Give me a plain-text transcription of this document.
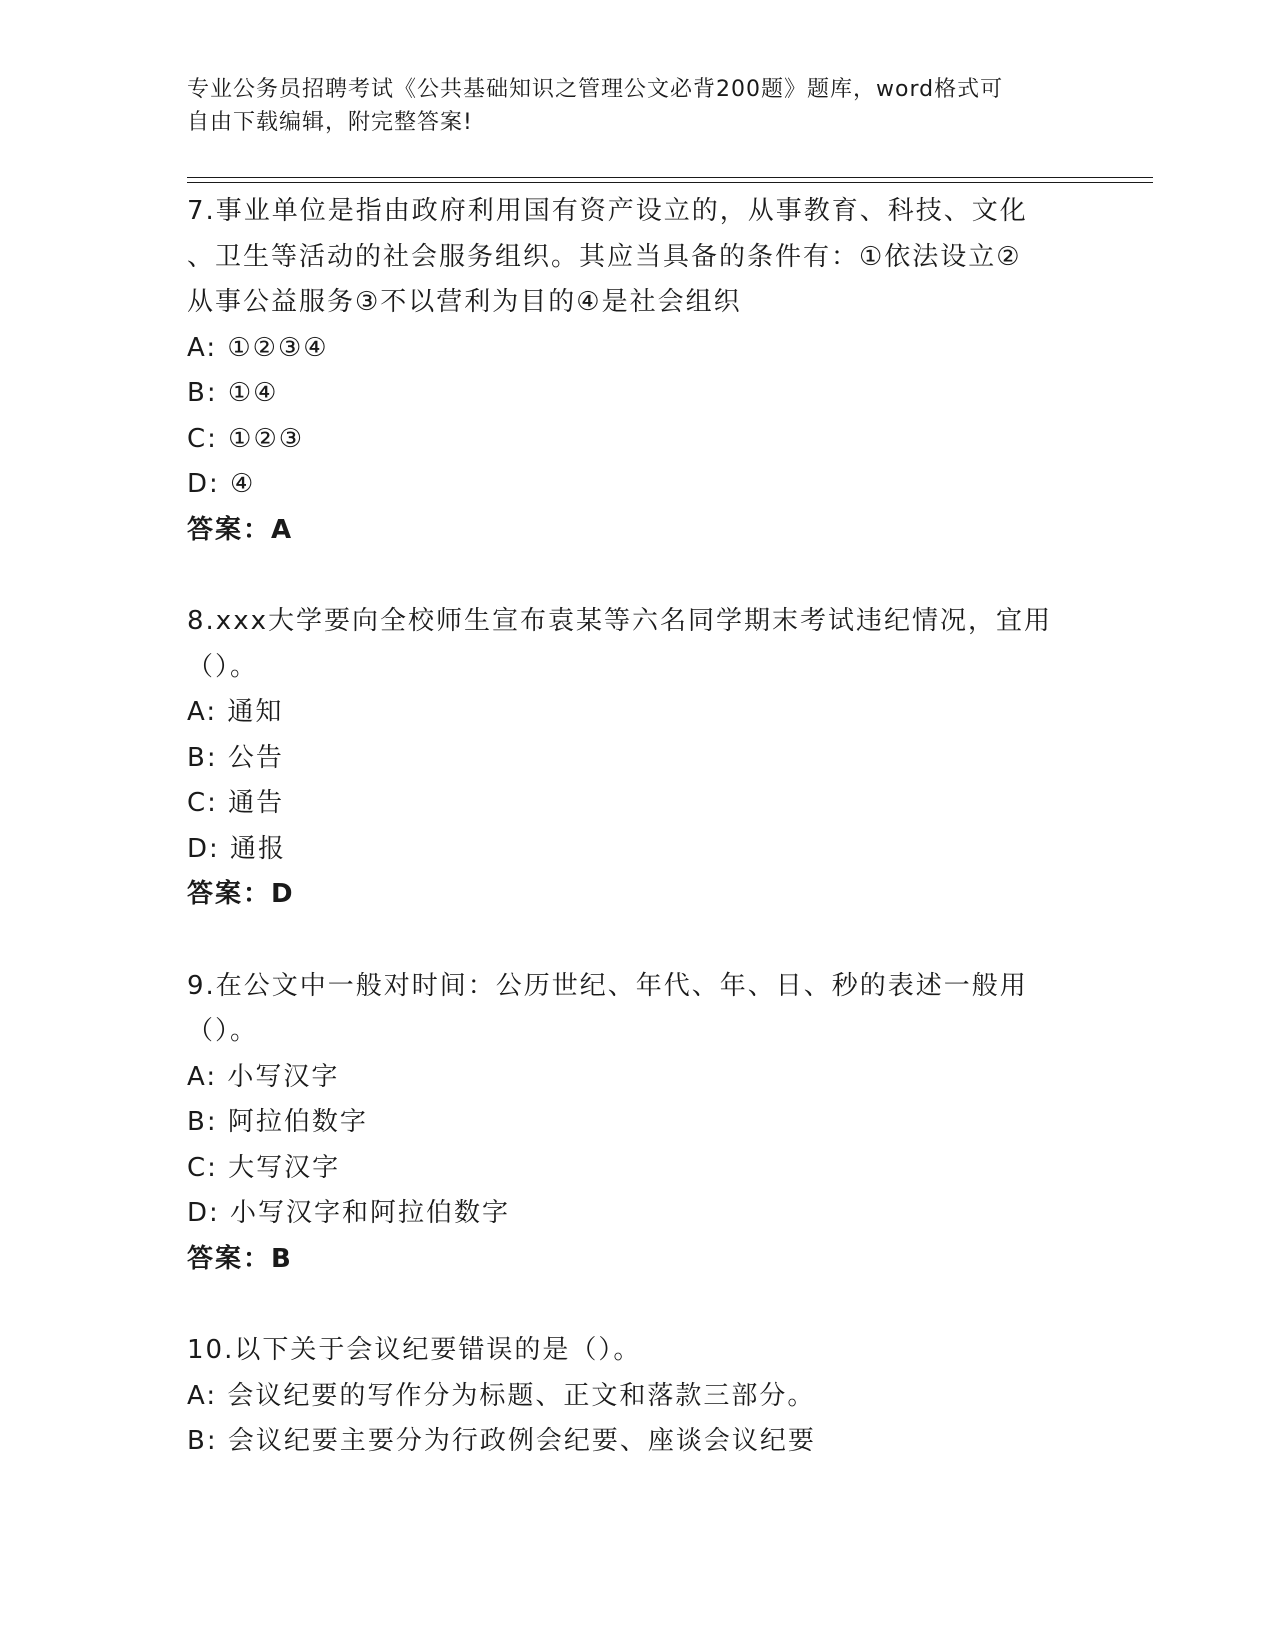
专业公务员招聘考试《公共基础知识之管理公文必背200题》题库，word格式可
自由下载编辑，附完整答案!
7.事业单位是指由政府利用国有资产设立的，从事教育、科技、文化
、卫生等活动的社会服务组织。其应当具备的条件有：①依法设立②
从事公益服务③不以营利为目的④是社会组织
A: ①②③④
B: ①④
C: ①②③
D: ④
答案：A
8.xxx大学要向全校师生宣布袁某等六名同学期末考试违纪情况，宜用
（）。
A: 通知
B: 公告
C: 通告
D: 通报
答案：D
9.在公文中一般对时间：公历世纪、年代、年、日、秒的表述一般用
（）。
A: 小写汉字
B: 阿拉伯数字
C: 大写汉字
D: 小写汉字和阿拉伯数字
答案：B
10.以下关于会议纪要错误的是（）。
A: 会议纪要的写作分为标题、正文和落款三部分。
B: 会议纪要主要分为行政例会纪要、座谈会议纪要
